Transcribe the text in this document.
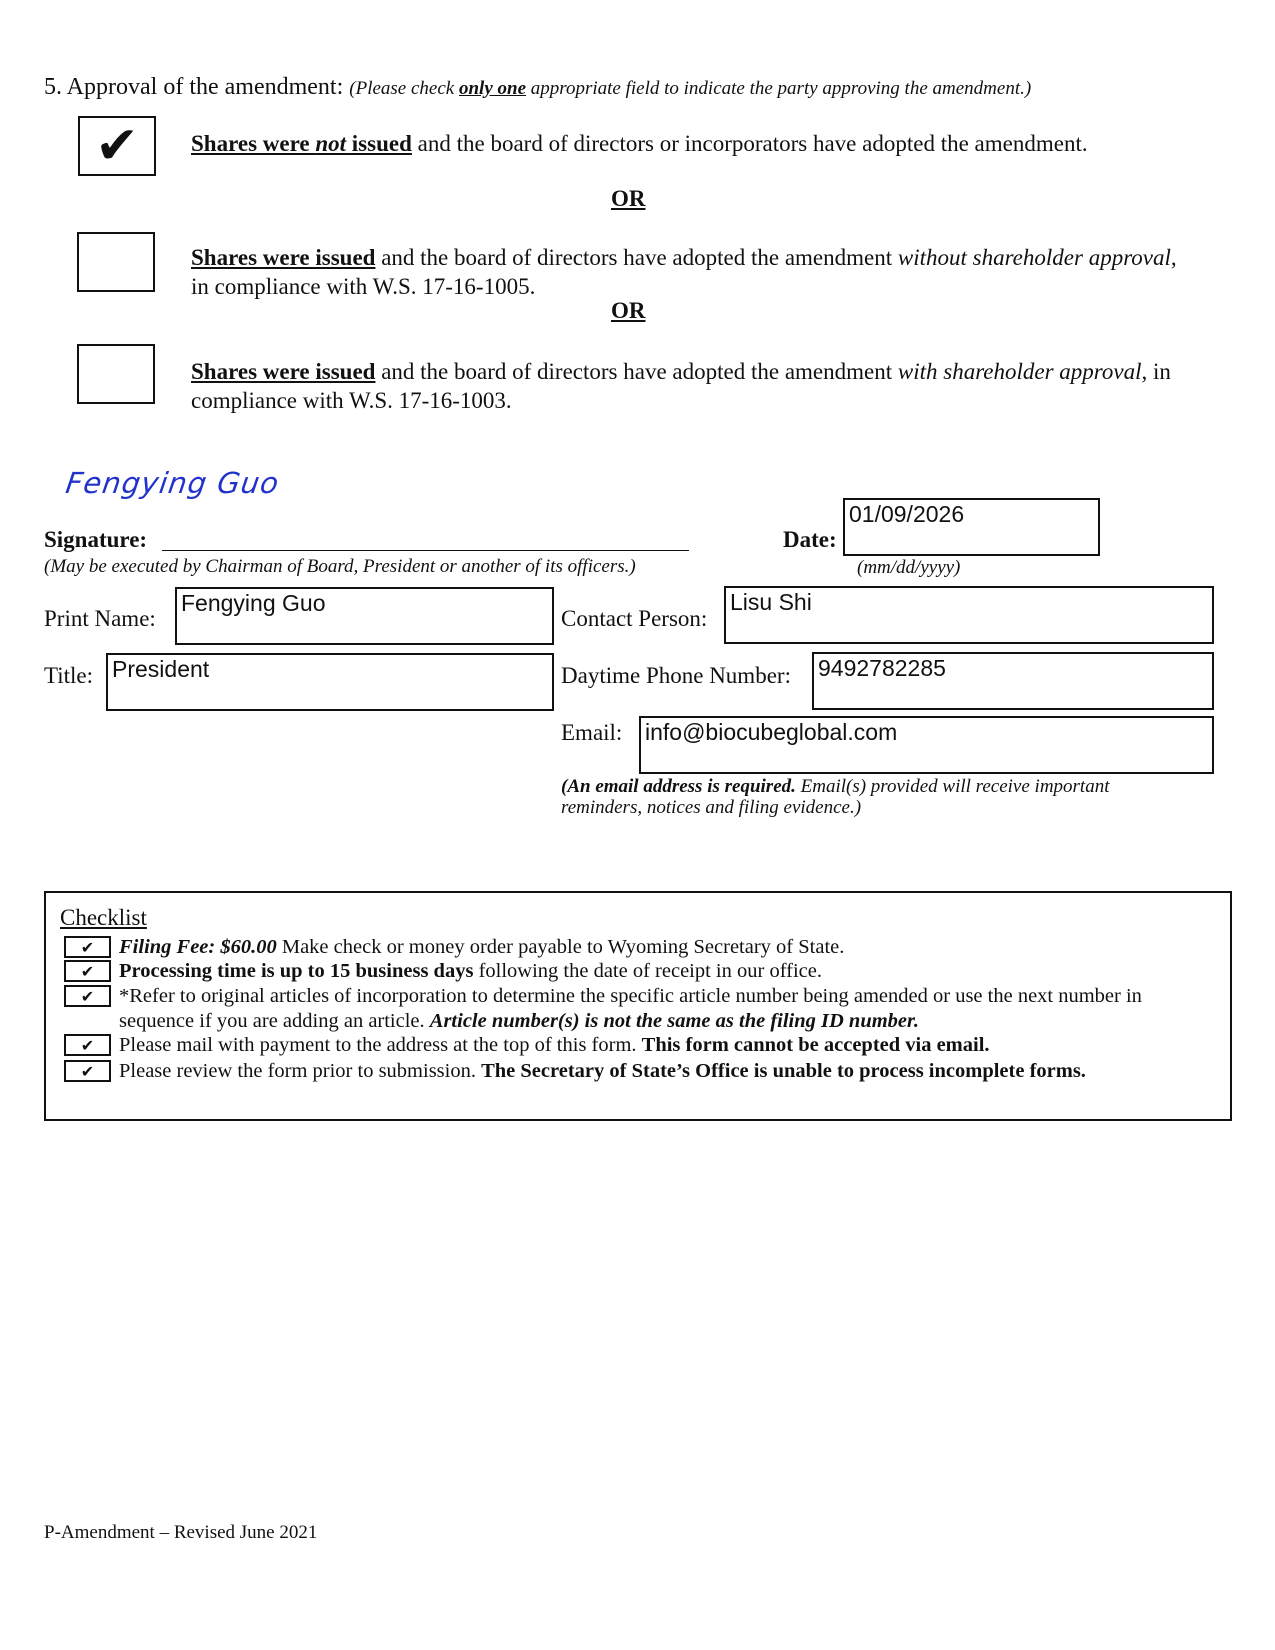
5. Approval of the amendment: (Please check only one appropriate field to indicate the party approving the amendment.)
✔	Shares were not issued and the board of directors or incorporators have adopted the amendment.
OR
Shares were issued and the board of directors have adopted the amendment without shareholder approval, in compliance with W.S. 17-16-1005.
OR
Shares were issued and the board of directors have adopted the amendment with shareholder approval, in compliance with W.S. 17-16-1003.
Fengying Guo
Signature:
(May be executed by Chairman of Board, President or another of its officers.)
Date:
01/09/2026
(mm/dd/yyyy)
Print Name:
Fengying Guo
Contact Person:
Lisu Shi
Title: President	Daytime Phone Number: 9492782285
Email: info@biocubeglobal.com
(An email address is required. Email(s) provided will receive important
reminders, notices and filing evidence.)
Checklist
✔	Filing Fee: $60.00 Make check or money order payable to Wyoming Secretary of State.
✔	Processing time is up to 15 business days following the date of receipt in our office.
✔	*Refer to original articles of incorporation to determine the specific article number being amended or use the next number in
sequence if you are adding an article. Article number(s) is not the same as the filing ID number.
✔	Please mail with payment to the address at the top of this form. This form cannot be accepted via email.
✔	Please review the form prior to submission. The Secretary of State’s Office is unable to process incomplete forms.
P-Amendment – Revised June 2021
